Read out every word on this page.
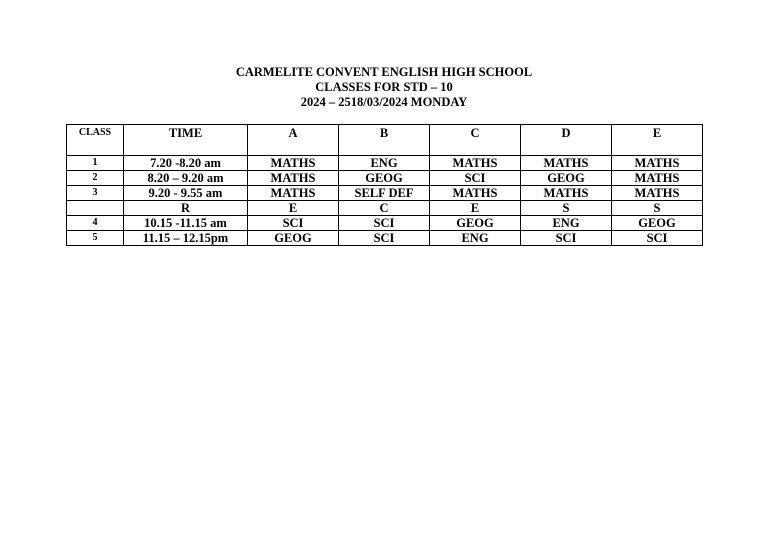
CARMELITE CONVENT ENGLISH HIGH SCHOOL
CLASSES FOR STD – 10
2024 – 2518/03/2024 MONDAY
CLASS	TIME	A	B	C	D	E
1	7.20 -8.20 am	MATHS	ENG	MATHS	MATHS	MATHS
2	8.20 – 9.20 am	MATHS	GEOG	SCI	GEOG	MATHS
3	9.20 - 9.55 am	MATHS	SELF DEF	MATHS	MATHS	MATHS
	R	E	C	E	S	S
4	10.15 -11.15 am	SCI	SCI	GEOG	ENG	GEOG
5	11.15 – 12.15pm	GEOG	SCI	ENG	SCI	SCI
